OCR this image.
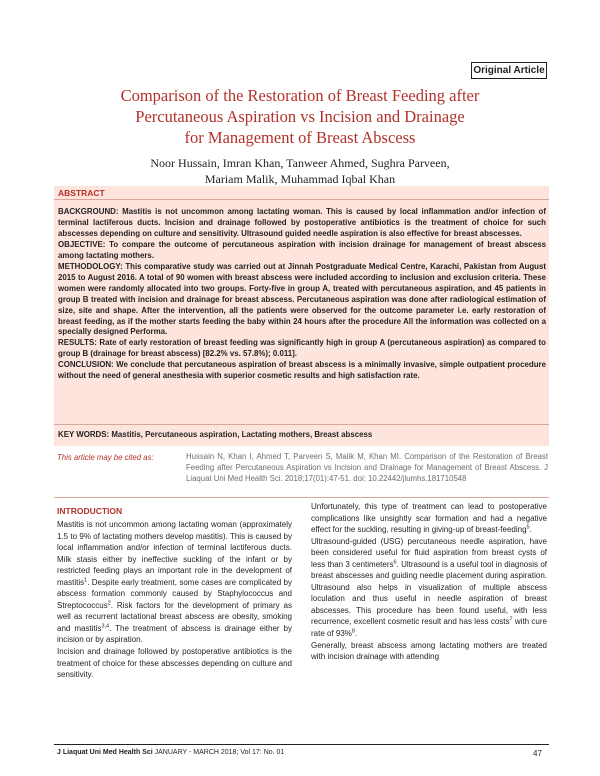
Original Article
Comparison of the Restoration of Breast Feeding after
Percutaneous Aspiration vs Incision and Drainage
for Management of Breast Abscess
Noor Hussain, Imran Khan, Tanweer Ahmed, Sughra Parveen,
Mariam Malik, Muhammad Iqbal Khan
ABSTRACT

BACKGROUND: Mastitis is not uncommon among lactating woman. This is caused by local inflammation and/or infection of terminal lactiferous ducts. Incision and drainage followed by postoperative antibiotics is the treatment of choice for such abscesses depending on culture and sensitivity. Ultrasound guided needle aspiration is also effective for breast abscesses.

OBJECTIVE: To compare the outcome of percutaneous aspiration with incision drainage for management of breast abscess among lactating mothers.

METHODOLOGY: This comparative study was carried out at Jinnah Postgraduate Medical Centre, Karachi, Pakistan from August 2015 to August 2016. A total of 90 women with breast abscess were included according to inclusion and exclusion criteria. These women were randomly allocated into two groups. Forty-five in group A, treated with percutaneous aspiration, and 45 patients in group B treated with incision and drainage for breast abscess. Percutaneous aspiration was done after radiological estimation of size, site and shape. After the intervention, all the patients were observed for the outcome parameter i.e. early restoration of breast feeding, as if the mother starts feeding the baby within 24 hours after the procedure All the information was collected on a specially designed Performa.

RESULTS: Rate of early restoration of breast feeding was significantly high in group A (percutaneous aspiration) as compared to group B (drainage for breast abscess) [82.2% vs. 57.8%); 0.011].

CONCLUSION: We conclude that percutaneous aspiration of breast abscess is a minimally invasive, simple outpatient procedure without the need of general anesthesia with superior cosmetic results and high satisfaction rate.

KEY WORDS: Mastitis, Percutaneous aspiration, Lactating mothers, Breast abscess
This article may be cited as:	Hussain N, Khan I, Ahmed T, Parveen S, Malik M, Khan MI. Comparison of the Restoration of Breast Feeding after Percutaneous Aspiration vs Incision and Drainage for Management of Breast Abscess. J Liaquat Uni Med Health Sci. 2018;17(01):47-51. doi: 10.22442/jlumhs.181710548
INTRODUCTION

Mastitis is not uncommon among lactating woman (approximately 1.5 to 9% of lactating mothers develop mastitis). This is caused by local inflammation and/or infection of terminal lactiferous ducts. Milk stasis either by ineffective suckling of the infant or by restricted feeding plays an important role in the development of mastitis$^1$. Despite early treatment, some cases are complicated by abscess formation commonly caused by Staphylococcus and Streptococcus$^2$. Risk factors for the development of primary as well as recurrent lactational breast abscess are obesity, smoking and mastitis$^{3,4}$. The treatment of abscess is drainage either by incision or by aspiration.

Incision and drainage followed by postoperative antibiotics is the treatment of choice for these abscesses depending on culture and sensitivity.

Unfortunately, this type of treatment can lead to postoperative complications like unsightly scar formation and had a negative effect for the suckling, resulting in giving-up of breast-feeding$^5$.

Ultrasound-guided (USG) percutaneous needle aspiration, have been considered useful for fluid aspiration from breast cysts of less than 3 centimeters$^6$. Ultrasound is a useful tool in diagnosis of breast abscesses and guiding needle placement during aspiration. Ultrasound also helps in visualization of multiple abscess loculation and thus useful in needle aspiration of breast abscesses. This procedure has been found useful, with less recurrence, excellent cosmetic result and has less costs$^7$ with cure rate of 93%$^8$.

Generally, breast abscess among lactating mothers are treated with incision drainage with attending

J Liaquat Uni Med Health Sci JANUARY - MARCH 2018; Vol 17: No. 01	47
